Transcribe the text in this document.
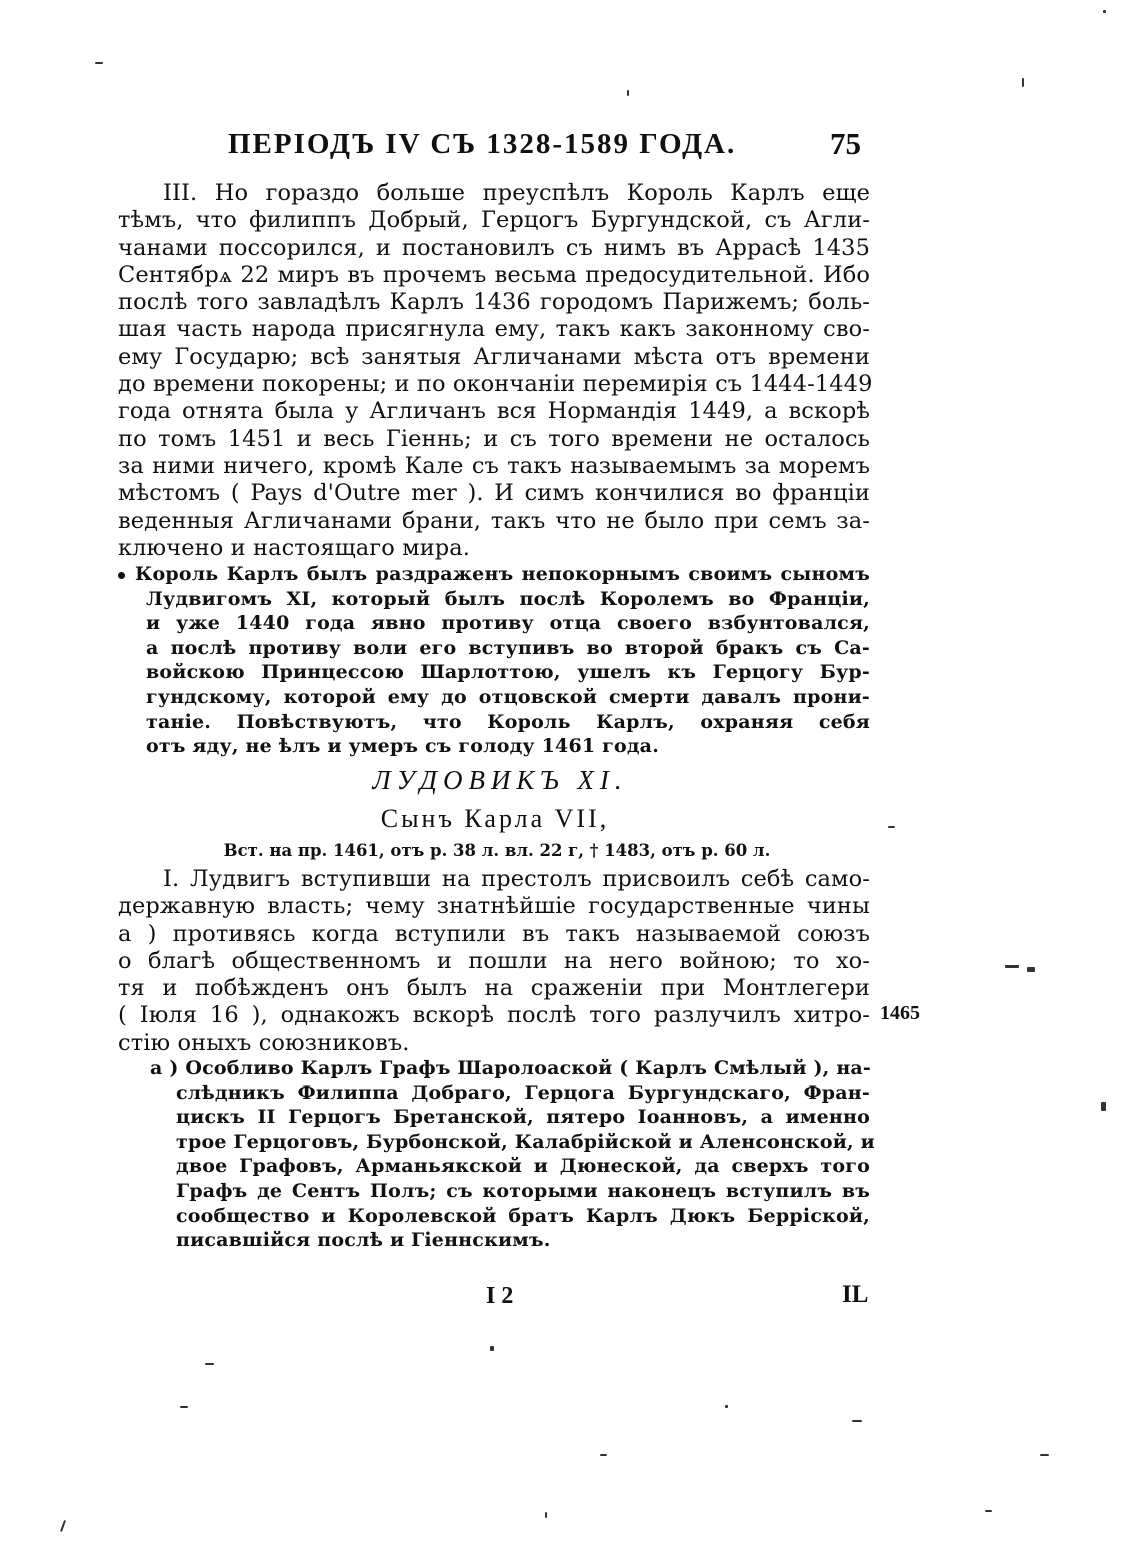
ПЕРIОДЪ IV СЪ 1328-1589 ГОДА.	75
III. Но гораздо больше преуспѣлъ Король Карлъ еще
тѣмъ, что филиппъ Добрый, Герцогъ Бургундской, съ Агли-
чанами поссорился, и постановилъ съ нимъ въ Аррасѣ 1435
Сентябрѧ 22 миръ въ прочемъ весьма предосудительной. Ибо
послѣ того завладѣлъ Карлъ 1436 городомъ Парижемъ; боль-
шая часть народа присягнула ему, такъ какъ законному сво-
ему Государю; всѣ занятыя Агличанами мѣста отъ времени
до времени покорены; и по окончанiи перемирiя съ 1444-1449
года отнята была у Агличанъ вся Нормандiя 1449, а вскорѣ
по томъ 1451 и весь Гiеннь; и съ того времени не осталось
за ними ничего, кромѣ Кале съ такъ называемымъ за моремъ
мѣстомъ ( Pays d'Outre mer ). И симъ кончилися во францiи
веденныя Агличанами брани, такъ что не было при семъ за-
ключено и настоящаго мира.
Король Карлъ былъ раздраженъ непокорнымъ своимъ сыномъ
Лудвигомъ XI, который былъ послѣ Королемъ во Францiи,
и уже 1440 года явно противу отца своего взбунтовался,
а послѣ противу воли его вступивъ во второй бракъ съ Са-
войскою Принцессою Шарлоттою, ушелъ къ Герцогу Бур-
гундскому, которой ему до отцовской смерти давалъ прони-
танiе. Повѣствуютъ, что Король Карлъ, охраняя себя
отъ яду, не ѣлъ и умеръ съ голоду 1461 года.
ЛУДОВИКЪ XI.
Сынъ Карла VII,
Вст. на пр. 1461, отъ р. 38 л. вл. 22 г, † 1483, отъ р. 60 л.
I. Лудвигъ вступивши на престолъ присвоилъ себѣ само-
державную власть; чему знатнѣйшiе государственные чины
a ) противясь когда вступили въ такъ называемой союзъ
о благѣ общественномъ и пошли на него войною; то хо-
тя и побѣжденъ онъ былъ на сраженiи при Монтлегери
( Iюля 16 ), однакожъ вскорѣ послѣ того разлучилъ хитро-
стiю оныхъ союзниковъ.
1465
a ) Особливо Карлъ Графъ Шаролоаской ( Карлъ Смѣлый ), на-
слѣдникъ Филиппа Добраго, Герцога Бургундскаго, Фран-
цискъ II Герцогъ Бретанской, пятеро Iоанновъ, а именно
трое Герцоговъ, Бурбонской, Калабрiйской и Аленсонской, и
двое Графовъ, Арманьякской и Дюнеской, да сверхъ того
Графъ де Сентъ Полъ; съ которыми наконецъ вступилъ въ
сообщество и Королевской братъ Карлъ Дюкъ Беррiской,
писавшiйся послѣ и Гiеннскимъ.
I 2	IL
